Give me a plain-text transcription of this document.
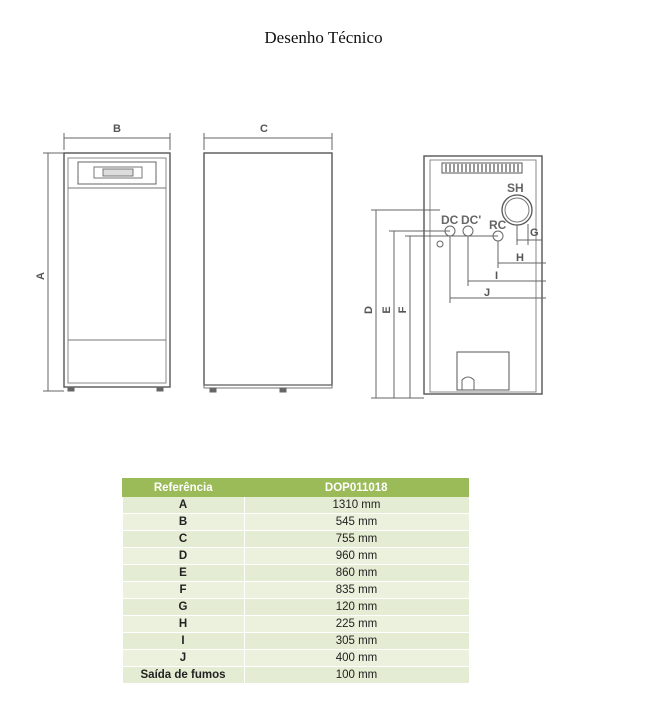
Desenho Técnico
B
A
C
D E F
G
H
I
J
SH
DC DC' RC
Referência	DOP011018
A	1310 mm
B	545 mm
C	755 mm
D	960 mm
E	860 mm
F	835 mm
G	120 mm
H	225 mm
I	305 mm
J	400 mm
Saída de fumos	100 mm
